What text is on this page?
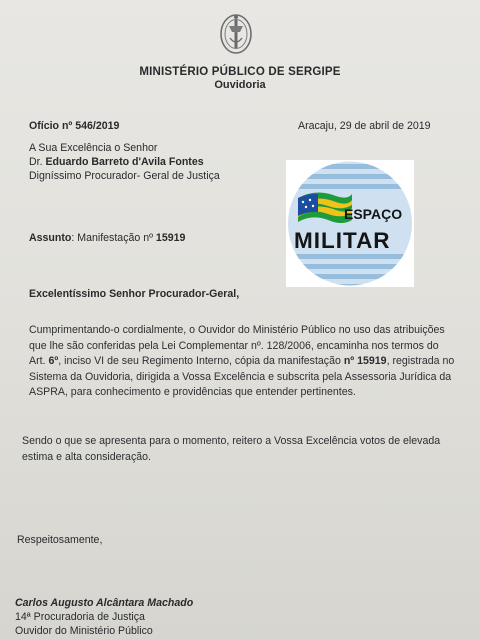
MINISTÉRIO PÚBLICO DE SERGIPE
Ouvidoria
Ofício nº 546/2019	Aracaju, 29 de abril de 2019
A Sua Excelência o Senhor
Dr. Eduardo Barreto d'Avila Fontes
Digníssimo Procurador- Geral de Justiça
Assunto: Manifestação nº 15919
Excelentíssimo Senhor Procurador-Geral,
Cumprimentando-o cordialmente, o Ouvidor do Ministério Público no uso das atribuições
que lhe são conferidas pela Lei Complementar nº. 128/2006, encaminha nos termos do
Art. 6º, inciso VI de seu Regimento Interno, cópia da manifestação nº 15919, registrada no
Sistema da Ouvidoria, dirigida a Vossa Excelência e subscrita pela Assessoria Jurídica da
ASPRA, para conhecimento e providências que entender pertinentes.
Sendo o que se apresenta para o momento, reitero a Vossa Excelência votos de elevada
estima e alta consideração.
Respeitosamente,
Carlos Augusto Alcântara Machado
14ª Procuradoria de Justiça
Ouvidor do Ministério Público
ESPAÇO
MILITAR
